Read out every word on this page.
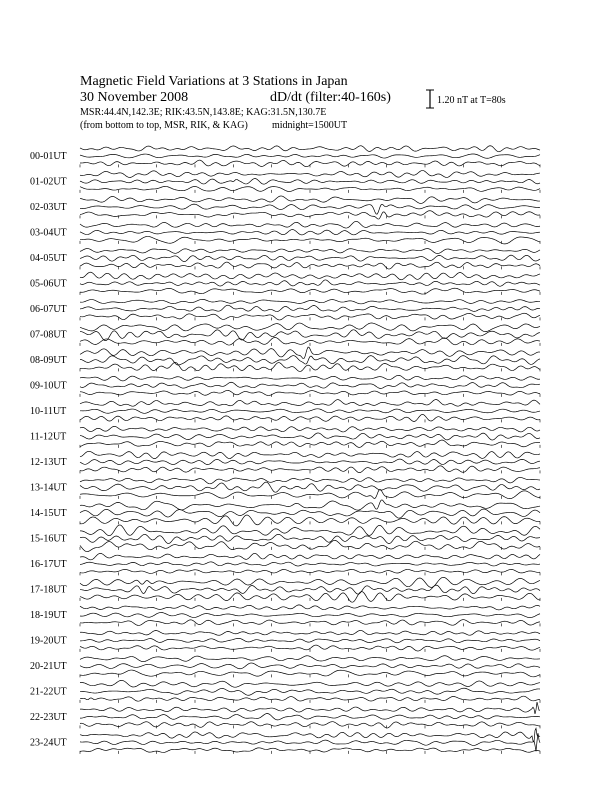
Magnetic Field Variations at 3 Stations in Japan
30 November 2008	dD/dt (filter:40-160s)
MSR:44.4N,142.3E; RIK:43.5N,143.8E; KAG:31.5N,130.7E
(from bottom to top, MSR, RIK, & KAG) midnight=1500UT
1.20 nT at T=80s
00-01UT
01-02UT
02-03UT
03-04UT
04-05UT
05-06UT
06-07UT
07-08UT
08-09UT
09-10UT
10-11UT
11-12UT
12-13UT
13-14UT
14-15UT
15-16UT
16-17UT
17-18UT
18-19UT
19-20UT
20-21UT
21-22UT
22-23UT
23-24UT
